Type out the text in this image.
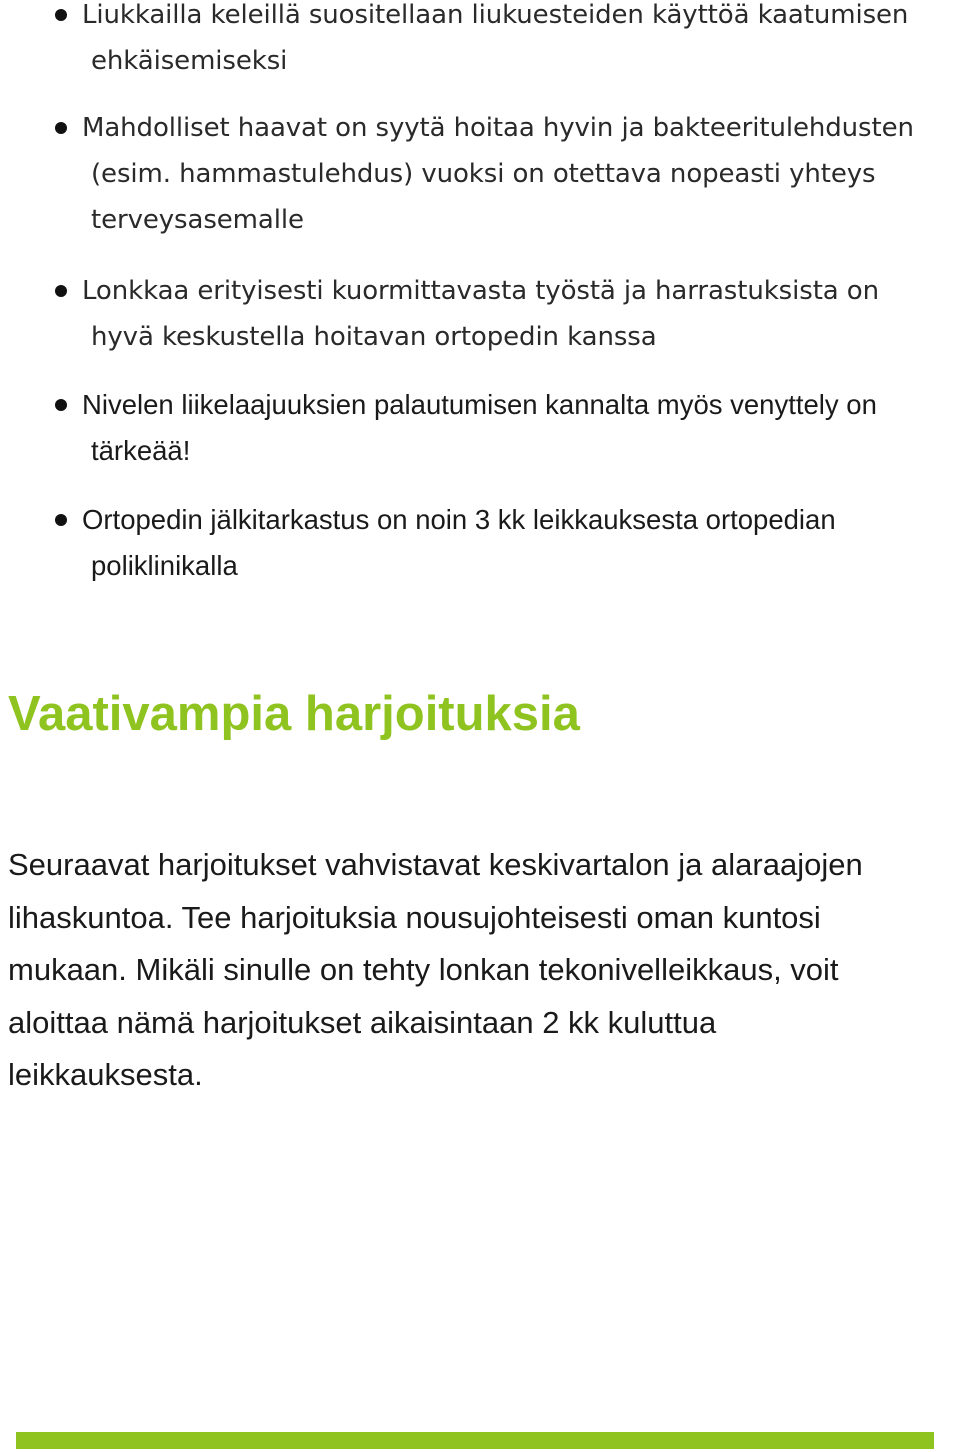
Liukkailla keleillä suositellaan liukuesteiden käyttöä kaatumisen
ehkäisemiseksi
Mahdolliset haavat on syytä hoitaa hyvin ja bakteeritulehdusten
(esim. hammastulehdus) vuoksi on otettava nopeasti yhteys
terveysasemalle
Lonkkaa erityisesti kuormittavasta työstä ja harrastuksista on
hyvä keskustella hoitavan ortopedin kanssa
Nivelen liikelaajuuksien palautumisen kannalta myös venyttely on
tärkeää!
Ortopedin jälkitarkastus on noin 3 kk leikkauksesta ortopedian
poliklinikalla
Vaativampia harjoituksia

Seuraavat harjoitukset vahvistavat keskivartalon ja alaraajojen
lihaskuntoa. Tee harjoituksia nousujohteisesti oman kuntosi
mukaan. Mikäli sinulle on tehty lonkan tekonivelleikkaus, voit
aloittaa nämä harjoitukset aikaisintaan 2 kk kuluttua
leikkauksesta.
